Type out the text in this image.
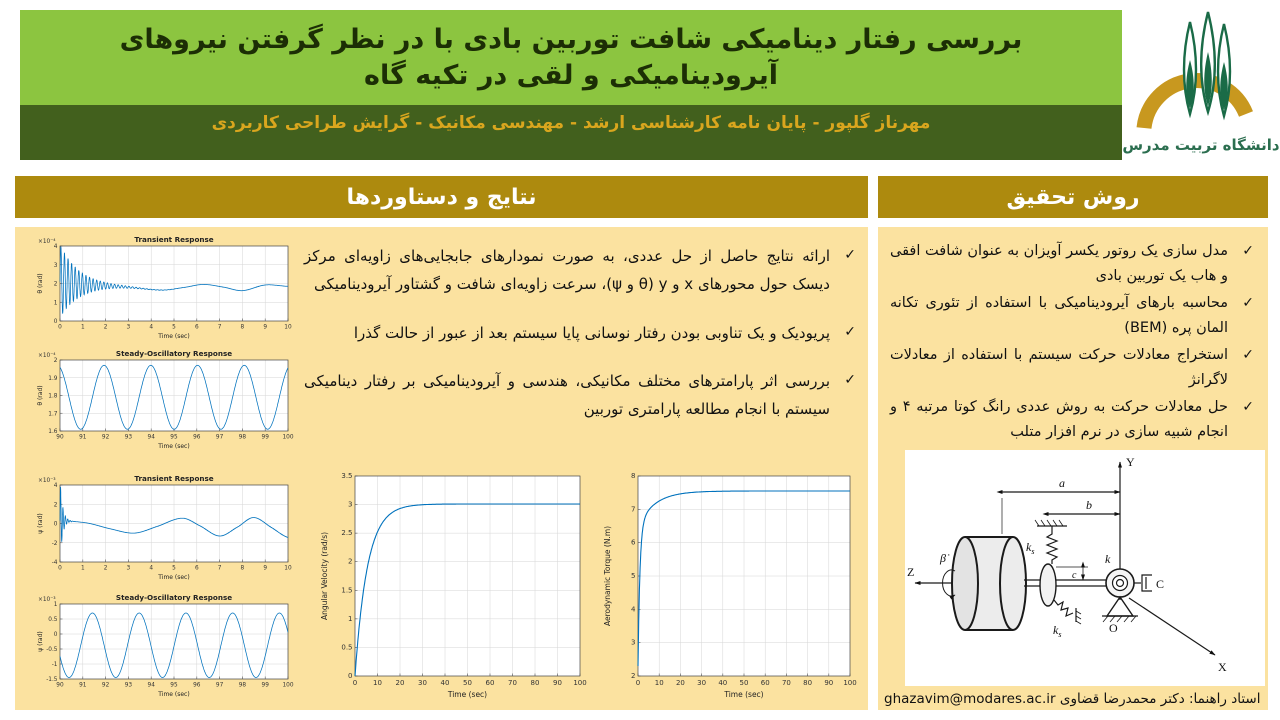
بررسی رفتار دینامیکی شافت توربین بادی با در نظر گرفتن نیروهای آیرودینامیکی و لقی در تکیه گاه
مهرناز گلپور - پایان نامه کارشناسی ارشد - مهندسی مکانیک - گرایش طراحی کاربردی
دانشگاه تربیت مدرس
نتایج و دستاوردها	روش تحقیق
0	1	2	3	4	5	6	7	8	9	10
0
1
2
3
4
Transient Response
×10⁻⁴
Time (sec)
θ (rad)
90	91	92	93	94	95	96	97	98	99 100
1.6
1.7
1.8
1.9
2
Steady-Oscillatory Response
×10⁻⁴
Time (sec)
θ (rad)
0	1	2	3	4	5	6	7	8	9	10
-4
-2
0
2
4
Transient Response
×10⁻³
Time (sec)
ψ (rad)
90	91	92	93	94	95	96	97	98	99 100
-1.5
-1
-0.5
0
0.5
1
Steady-Oscillatory Response
×10⁻³
Time (sec)
ψ (rad)
✓
ارائه نتایج حاصل از حل عددی، به صورت نمودارهای جابجایی‌های زاویه‌ای مرکز دیسک حول محورهای x و y (θ و ψ)، سرعت زاویه‌ای شافت و گشتاور آیرودینامیکی
✓
پریودیک و یک تناوبی بودن رفتار نوسانی پایا سیستم بعد از عبور از حالت گذرا
✓
بررسی اثر پارامترهای مختلف مکانیکی، هندسی و آیرودینامیکی بر رفتار دینامیکی سیستم با انجام مطالعه پارامتری توربین
0 10 20 30 40 50 60 70 80 90 100
0
0.5
1
1.5
2
2.5
3
3.5
Time (sec)
Angular Velocity (rad/s)
0 10 20 30 40 50 60 70 80 90 100
2
3
4
5
6
7
8
Time (sec)
Aerodynamic Torque (N.m)
✓
مدل سازی یک روتور یکسر آویزان به عنوان شافت افقی و هاب یک توربین بادی
✓
محاسبه بارهای آیرودینامیکی با استفاده از تئوری تکانه المان پره (BEM)
✓
استخراج معادلات حرکت سیستم با استفاده از معادلات لاگرانژ
✓
حل معادلات حرکت به روش عددی رانگ کوتا مرتبه ۴ و انجام شبیه سازی در نرم افزار متلب
a
b
c
$k_s$
$k_s$
k
C
O
X
Y
Z
β̇
استاد راهنما: دکتر محمدرضا قضاوی ghazavim@modares.ac.ir
